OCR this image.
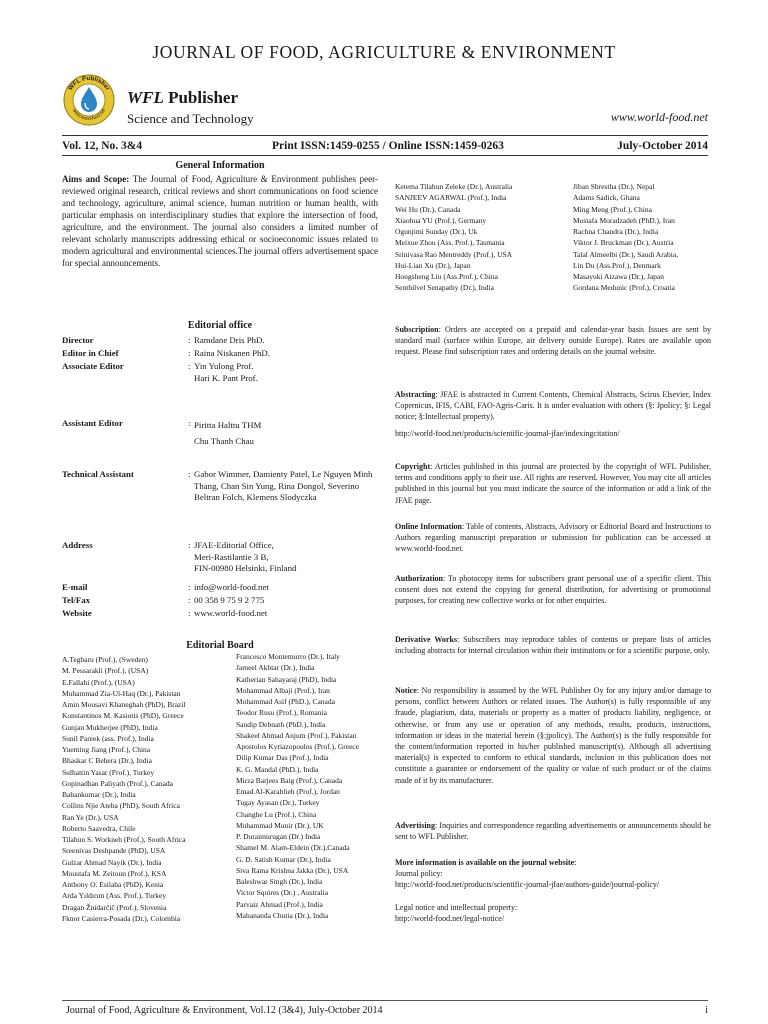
JOURNAL OF FOOD, AGRICULTURE & ENVIRONMENT
WFL Publisher
www.world-food.net
WFL Publisher
Science and Technology	www.world-food.net
Vol. 12, No. 3&4	Print ISSN:1459-0255 / Online ISSN:1459-0263	July-October 2014
General Information
Aims and Scope: The Journal of Food, Agriculture & Environment publishes peer-reviewed original research, critical reviews and short communications on food science and technology, agriculture, animal science, human nutrition or human health, with particular emphasis on interdisciplinary studies that explore the intersection of food, agriculture, and the environment. The journal also considers a limited number of relevant scholarly manuscripts addressing ethical or socioeconomic issues related to modern agricultural and environmental sciences.The journal offers advertisement space for special announcements.
Editorial office
Director	: Ramdane Dris PhD.
Editor in Chief	: Raina Niskanen PhD.
Associate Editor	: Yin Yulong Prof.
Hari K. Pant Prof.
Assistant Editor	: Piritta Halttu THM
Chu Thanh Chau
Technical Assistant	: Gabor Wimmer, Damienty Patel, Le Nguyen Minh Thang, Chan Sin Yung, Rina Dongol, Severino Beltran Folch, Klemens Slodyczka
Address	: JFAE-Editorial Office,
Meri-Rastilantie 3 B,
FIN-00980 Helsinki, Finland
E-mail	: info@world-food.net
Tel/Fax	: 00 358 9 75 9 2 775
Website	: www.world-food.net
Editorial Board
A.Tegbaru (Prof.), (Sweden)
M. Pessarakli (Prof.), (USA)
E.Fallahi (Prof.), (USA)
Muhammad Zia-Ul-Haq (Dr.), Pakistan
Amin Mousavi Khaneghah (PhD), Brazil
Konstantinos M. Kasiotis (PhD), Greece
Gunjan Mukherjee (PhD), India
Sunil Pareek (ass. Prof.), India
Yueming Jiang (Prof.), China
Bhaskar C Behera (Dr.), India
Sulhattin Yasar (Prof.), Turkey
Gopinadhan Paliyath (Prof.), Canada
Babankumar (Dr.), India
Collins Njie Ateba (PhD), South Africa
Ran Ye (Dr.), USA
Roberto Saavedra, Chile
Tilahun S. Workneh (Prof.), South Africa
Sreenivas Deshpande (PhD), USA
Gulzar Ahmad Nayik (Dr.), India
Moustafa M. Zeitoun (Prof.), KSA
Anthony O. Esilaba (PhD), Kenia
Arda Yıldırım (Ass. Prof.), Turkey
Dragan Žnidarčič (Prof.), Slovenia
Fknor Casierra-Posada (Dr.), Colombia
Francesco Montemurro (Dr.), Italy
Jameel Akhtar (Dr.), India
Katherian Sahayaraj (PhD), India
Mohammad Albaji (Prof.), Iran
Mohammad Asif (PhD.), Canada
Teodor Rusu (Prof.), Romania
Sandip Debnath (PhD.), India
Shakeel Ahmad Anjum (Prof.), Pakistan
Apostolos Kyriazopoulos (Prof.), Greece
Dilip Kumar Das (Prof.), India
K. G. Mandal (PhD.), India
Mirza Barjees Baig (Prof.), Canada
Emad Al-Karablieh (Prof.), Jordan
Tugay Ayasan (Dr.), Turkey
Changhe Lu (Prof.), China
Muhammad Munir (Dr.), UK
P. Duraimurugan (Dr.) India
Shamel M. Alam-Eldein (Dr.),Canada
G. D. Satish Kumar (Dr.), India
Siva Rama Krishna Jakka (Dr.), USA
Baleshwar Singh (Dr.), India
Victor Squires (Dr.) , Australia
Parvaiz Ahmad (Prof.), India
Mahananda Chutia (Dr.), India
Ketema Tilahun Zeleke (Dr.), Australia
SANJEEV AGARWAL (Prof.), India
Wei Hu (Dr.), Canada
Xiaohua YU (Prof.), Germany
Ogunjimi Sunday (Dr.), Uk
Meixue Zhou (Ass. Prof.), Tasmania
Srinivasa Rao Mentreddy (Prof.), USA
Hui-Lian Xu (Dr.), Japan
Hongsheng Liu (Ass.Prof.), China
Senthilvel Senapathy (Dr.), India
Jiban Shrestha (Dr.), Nepal
Adams Sadick, Ghana
Ming Meng (Prof.), China
Mostafa Moradzadeh (PhD.), Iran
Rachna Chandra (Dr.), India
Viktor J. Bruckman (Dr.), Austria
Talal Almeelbi (Dr.), Saudi Arabia,
Lin Du (Ass.Prof.), Denmark
Masayuki Aizawa (Dr.), Japan
Gordana Medunic (Prof.), Croatia
Subscription: Orders are accepted on a prepaid and calendar-year basis Issues are sent by standard mail (surface within Europe, air delivery outside Europe). Rates are available upon request. Please find subscription rates and ordering details on the journal website.
Abstracting: JFAE is abstracted in Current Contents, Chemical Abstracts, Scirus Elsevier, Index Copernicus, IFIS, CABI, FAO-Agris-Caris. It is under evaluation with others (§: Jpolicy; §: Legal notice; §:Intellectual property).
http://world-food.net/products/scientific-journal-jfae/indexingcitation/
Copyright: Articles published in this journal are protected by the copyright of WFL Publisher, terms and conditions apply to their use. All rights are reserved. However, You may cite all articles published in this journal but you must indicate the source of the information or add a link of the JFAE page.
Online Information: Table of contents, Abstracts, Advisory or Editorial Board and Instructions to Authors regarding manuscript preparation or submission for publication can be accessed at www.world-food.net.
Authorization: To photocopy items for subscribers grant personal use of a specific client. This consent does not extend the copying for general distribution, for advertising or promotional purposes, for creating new collective works or for other enquiries.
Derivative Works: Subscribers may reproduce tables of contents or prepare lists of articles including abstracts for internal circulation within their institutions or for a scientific purpose, only.
Notice: No responsibility is assumed by the WFL Publisher Oy for any injury and/or damage to persons, conflict between Authors or related issues. The Author(s) is fully responssible of any fraude, plagiarism, data, materials or property as a matter of products liability, negligence, or otherwise, or from any use or operation of any methods, results, products, instructions, information or ideas in the material herein (§:jpolicy). The Author(s) is the fully responsible for the content/information reported in his/her published manuscript(s). Although all advertising material(s) is expected to conform to ethical standards, inclusion in this publication does not constitute a guarantee or endorsement of the quality or value of such product or of the claims made of it by its manufacturer.
Advertising: Inquiries and correspondence regarding advertisements or announcements should be sent to WFL Publisher.
More information is available on the journal website:
Journal policy:
http://world-food.net/products/scientific-journal-jfae/authors-guide/journal-policy/
Legal notice and intellectual property:
http://world-food.net/legal-notice/
Journal of Food, Agriculture & Environment, Vol.12 (3&4), July-October 2014	i
